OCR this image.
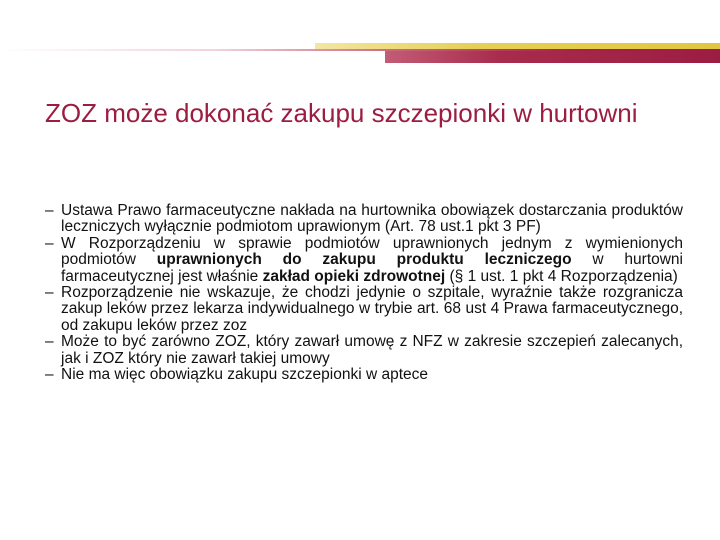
ZOZ może dokonać zakupu szczepionki w hurtowni
– Ustawa Prawo farmaceutyczne nakłada na hurtownika obowiązek dostarczania produktów leczniczych wyłącznie podmiotom uprawionym (Art. 78 ust.1 pkt 3 PF)
– W Rozporządzeniu w sprawie podmiotów uprawnionych jednym z wymienionych podmiotów uprawnionych do zakupu produktu leczniczego w hurtowni farmaceutycznej jest właśnie zakład opieki zdrowotnej (§ 1 ust. 1 pkt 4 Rozporządzenia)
– Rozporządzenie nie wskazuje, że chodzi jedynie o szpitale, wyraźnie także rozgranicza zakup leków przez lekarza indywidualnego w trybie art. 68 ust 4 Prawa farmaceutycznego, od zakupu leków przez zoz
– Może to być zarówno ZOZ, który zawarł umowę z NFZ w zakresie szczepień zalecanych, jak i ZOZ który nie zawarł takiej umowy
– Nie ma więc obowiązku zakupu szczepionki w aptece
